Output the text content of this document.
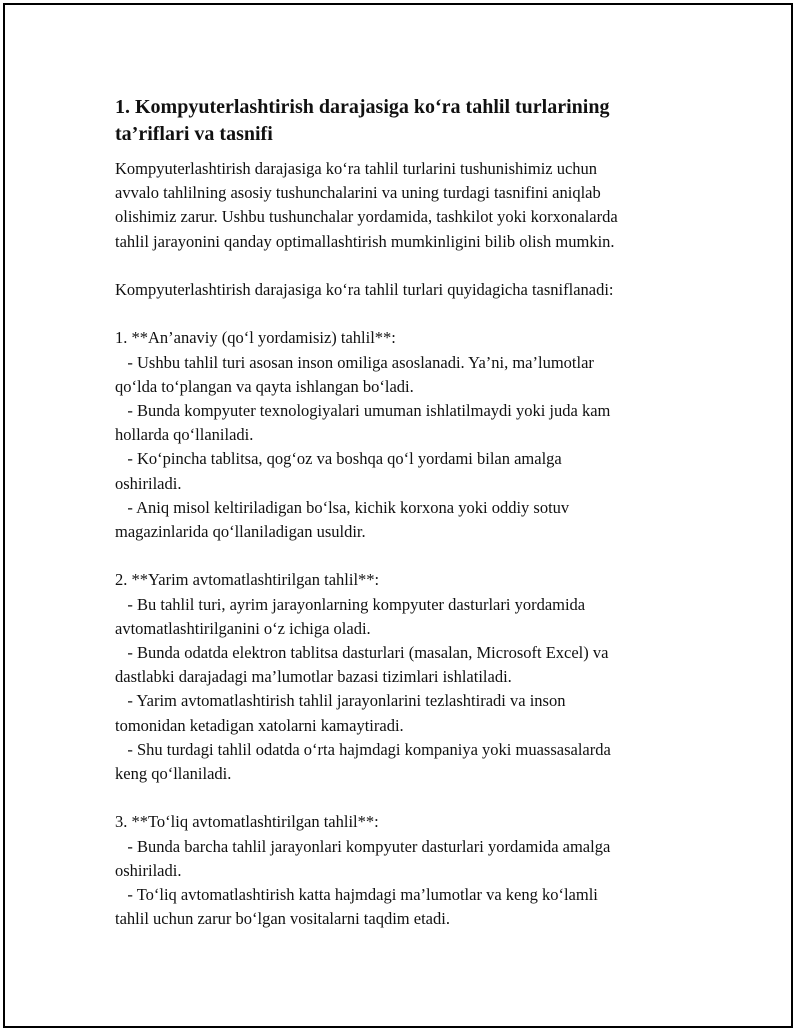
1. Kompyuterlashtirish darajasiga ko‘ra tahlil turlarining
ta’riflari va tasnifi
Kompyuterlashtirish darajasiga ko‘ra tahlil turlarini tushunishimiz uchun
avvalo tahlilning asosiy tushunchalarini va uning turdagi tasnifini aniqlab
olishimiz zarur. Ushbu tushunchalar yordamida, tashkilot yoki korxonalarda
tahlil jarayonini qanday optimallashtirish mumkinligini bilib olish mumkin.
Kompyuterlashtirish darajasiga ko‘ra tahlil turlari quyidagicha tasniflanadi:
1. **An’anaviy (qo‘l yordamisiz) tahlil**:
- Ushbu tahlil turi asosan inson omiliga asoslanadi. Ya’ni, ma’lumotlar
qo‘lda to‘plangan va qayta ishlangan bo‘ladi.
- Bunda kompyuter texnologiyalari umuman ishlatilmaydi yoki juda kam
hollarda qo‘llaniladi.
- Ko‘pincha tablitsa, qog‘oz va boshqa qo‘l yordami bilan amalga
oshiriladi.
- Aniq misol keltiriladigan bo‘lsa, kichik korxona yoki oddiy sotuv
magazinlarida qo‘llaniladigan usuldir.
2. **Yarim avtomatlashtirilgan tahlil**:
- Bu tahlil turi, ayrim jarayonlarning kompyuter dasturlari yordamida
avtomatlashtirilganini o‘z ichiga oladi.
- Bunda odatda elektron tablitsa dasturlari (masalan, Microsoft Excel) va
dastlabki darajadagi ma’lumotlar bazasi tizimlari ishlatiladi.
- Yarim avtomatlashtirish tahlil jarayonlarini tezlashtiradi va inson
tomonidan ketadigan xatolarni kamaytiradi.
- Shu turdagi tahlil odatda o‘rta hajmdagi kompaniya yoki muassasalarda
keng qo‘llaniladi.
3. **To‘liq avtomatlashtirilgan tahlil**:
- Bunda barcha tahlil jarayonlari kompyuter dasturlari yordamida amalga
oshiriladi.
- To‘liq avtomatlashtirish katta hajmdagi ma’lumotlar va keng ko‘lamli
tahlil uchun zarur bo‘lgan vositalarni taqdim etadi.
